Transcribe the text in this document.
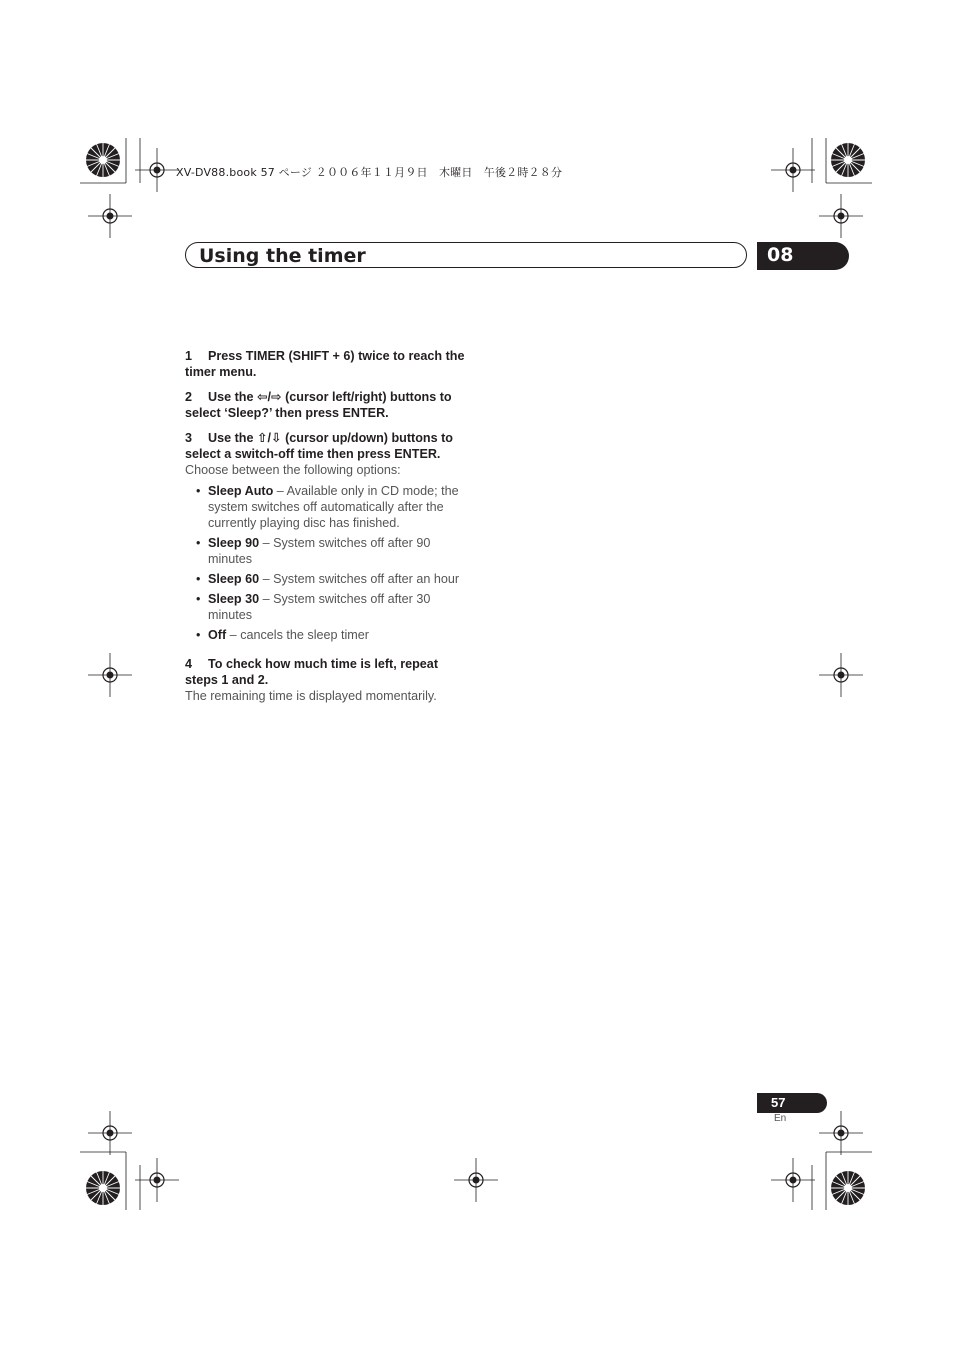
XV-DV88.book 57 ページ ２００６年１１月９日　木曜日　午後２時２８分
Using the timer	08

1 Press TIMER (SHIFT + 6) twice to reach the timer menu.

2 Use the ⇦/⇨ (cursor left/right) buttons to select ‘Sleep?’ then press ENTER.

3 Use the ⇧/⇩ (cursor up/down) buttons to select a switch-off time then press ENTER.

Choose between the following options:

• Sleep Auto – Available only in CD mode; the system switches off automatically after the currently playing disc has finished.
• Sleep 90 – System switches off after 90 minutes
• Sleep 60 – System switches off after an hour
• Sleep 30 – System switches off after 30 minutes
• Off – cancels the sleep timer

4 To check how much time is left, repeat steps 1 and 2.

The remaining time is displayed momentarily.

57
En
